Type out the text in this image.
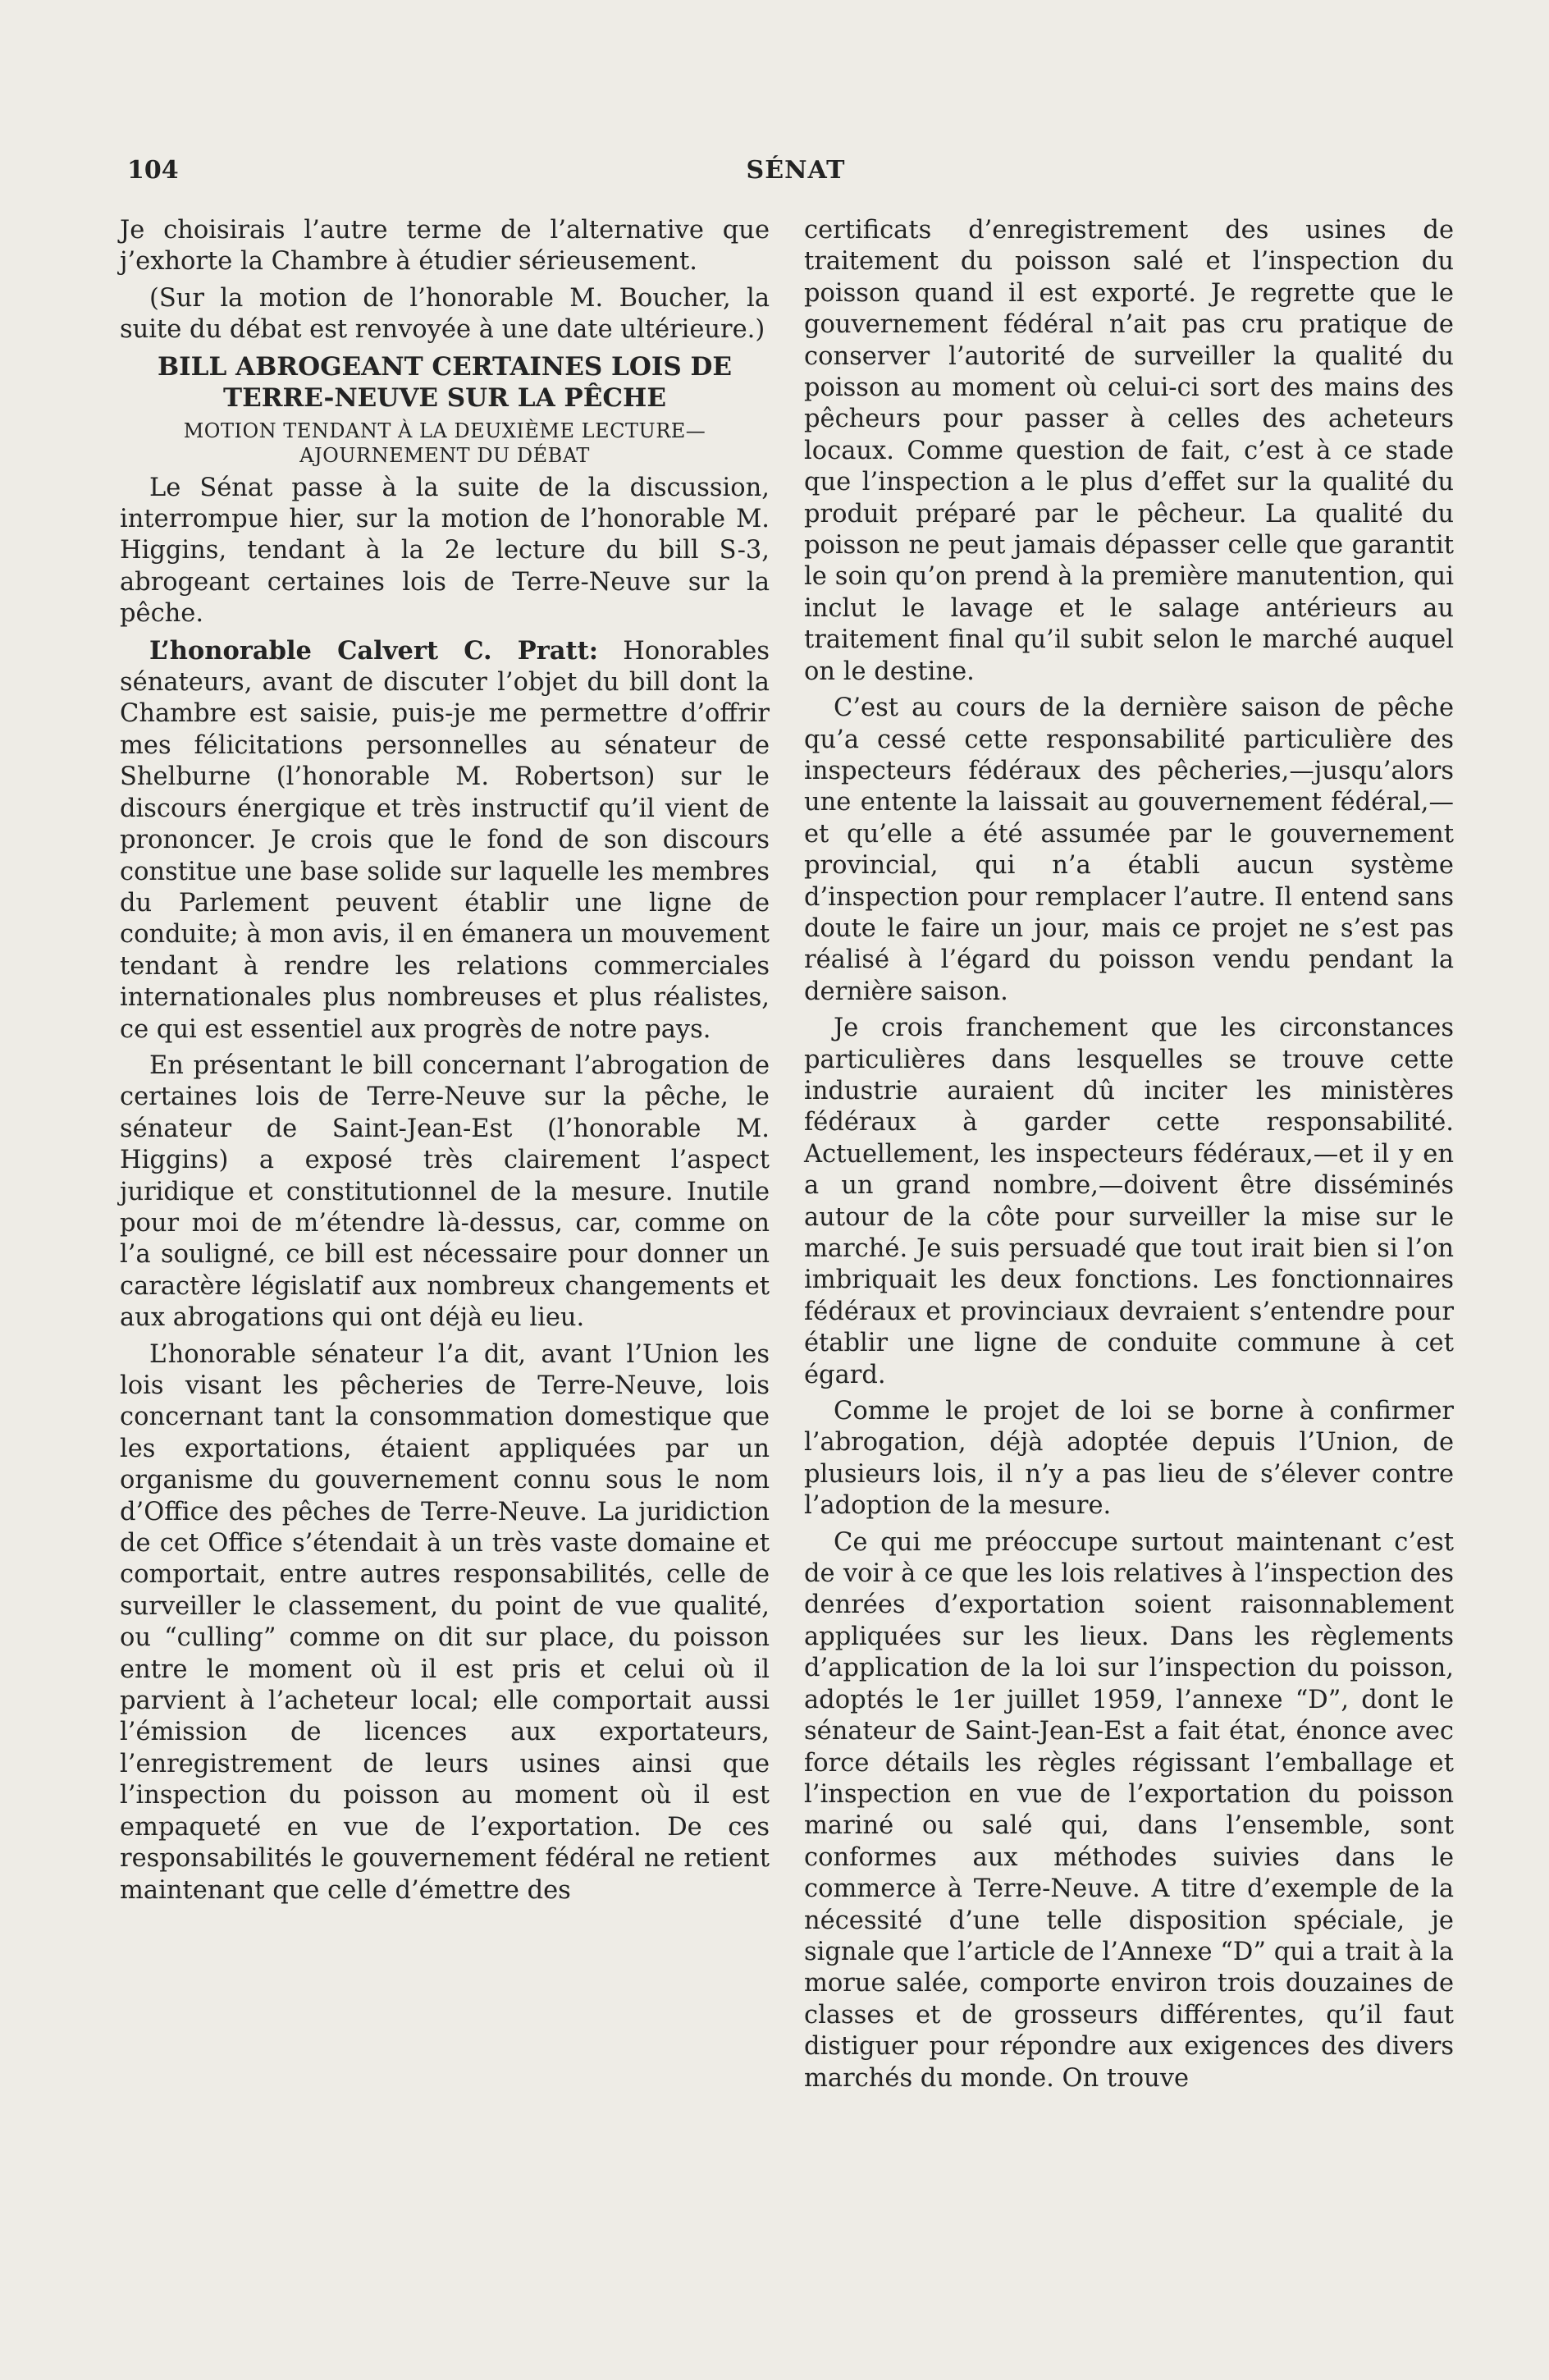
104	SÉNAT

Je choisirais l’autre terme de l’alternative que j’exhorte la Chambre à étudier sérieusement.

(Sur la motion de l’honorable M. Boucher, la suite du débat est renvoyée à une date ultérieure.)

BILL ABROGEANT CERTAINES LOIS DE TERRE-NEUVE SUR LA PÊCHE

MOTION TENDANT À LA DEUXIÈME LECTURE— AJOURNEMENT DU DÉBAT

Le Sénat passe à la suite de la discussion, interrompue hier, sur la motion de l’honorable M. Higgins, tendant à la 2e lecture du bill S-3, abrogeant certaines lois de Terre-Neuve sur la pêche.

L’honorable Calvert C. Pratt: Honorables sénateurs, avant de discuter l’objet du bill dont la Chambre est saisie, puis-je me permettre d’offrir mes félicitations personnelles au sénateur de Shelburne (l’honorable M. Robertson) sur le discours énergique et très instructif qu’il vient de prononcer. Je crois que le fond de son discours constitue une base solide sur laquelle les membres du Parlement peuvent établir une ligne de conduite; à mon avis, il en émanera un mouvement tendant à rendre les relations commerciales internationales plus nombreuses et plus réalistes, ce qui est essentiel aux progrès de notre pays.

En présentant le bill concernant l’abrogation de certaines lois de Terre-Neuve sur la pêche, le sénateur de Saint-Jean-Est (l’honorable M. Higgins) a exposé très clairement l’aspect juridique et constitutionnel de la mesure. Inutile pour moi de m’étendre là-dessus, car, comme on l’a souligné, ce bill est nécessaire pour donner un caractère législatif aux nombreux changements et aux abrogations qui ont déjà eu lieu.

L’honorable sénateur l’a dit, avant l’Union les lois visant les pêcheries de Terre-Neuve, lois concernant tant la consommation domestique que les exportations, étaient appliquées par un organisme du gouvernement connu sous le nom d’Office des pêches de Terre-Neuve. La juridiction de cet Office s’étendait à un très vaste domaine et comportait, entre autres responsabilités, celle de surveiller le classement, du point de vue qualité, ou “culling” comme on dit sur place, du poisson entre le moment où il est pris et celui où il parvient à l’acheteur local; elle comportait aussi l’émission de licences aux exportateurs, l’enregistrement de leurs usines ainsi que l’inspection du poisson au moment où il est empaqueté en vue de l’exportation. De ces responsabilités le gouvernement fédéral ne retient maintenant que celle d’émettre des

certificats d’enregistrement des usines de traitement du poisson salé et l’inspection du poisson quand il est exporté. Je regrette que le gouvernement fédéral n’ait pas cru pratique de conserver l’autorité de surveiller la qualité du poisson au moment où celui-ci sort des mains des pêcheurs pour passer à celles des acheteurs locaux. Comme question de fait, c’est à ce stade que l’inspection a le plus d’effet sur la qualité du produit préparé par le pêcheur. La qualité du poisson ne peut jamais dépasser celle que garantit le soin qu’on prend à la première manutention, qui inclut le lavage et le salage antérieurs au traitement final qu’il subit selon le marché auquel on le destine.

C’est au cours de la dernière saison de pêche qu’a cessé cette responsabilité particulière des inspecteurs fédéraux des pêcheries,—jusqu’alors une entente la laissait au gouvernement fédéral,—et qu’elle a été assumée par le gouvernement provincial, qui n’a établi aucun système d’inspection pour remplacer l’autre. Il entend sans doute le faire un jour, mais ce projet ne s’est pas réalisé à l’égard du poisson vendu pendant la dernière saison.

Je crois franchement que les circonstances particulières dans lesquelles se trouve cette industrie auraient dû inciter les ministères fédéraux à garder cette responsabilité. Actuellement, les inspecteurs fédéraux,—et il y en a un grand nombre,—doivent être disséminés autour de la côte pour surveiller la mise sur le marché. Je suis persuadé que tout irait bien si l’on imbriquait les deux fonctions. Les fonctionnaires fédéraux et provinciaux devraient s’entendre pour établir une ligne de conduite commune à cet égard.

Comme le projet de loi se borne à confirmer l’abrogation, déjà adoptée depuis l’Union, de plusieurs lois, il n’y a pas lieu de s’élever contre l’adoption de la mesure.

Ce qui me préoccupe surtout maintenant c’est de voir à ce que les lois relatives à l’inspection des denrées d’exportation soient raisonnablement appliquées sur les lieux. Dans les règlements d’application de la loi sur l’inspection du poisson, adoptés le 1er juillet 1959, l’annexe “D”, dont le sénateur de Saint-Jean-Est a fait état, énonce avec force détails les règles régissant l’emballage et l’inspection en vue de l’exportation du poisson mariné ou salé qui, dans l’ensemble, sont conformes aux méthodes suivies dans le commerce à Terre-Neuve. A titre d’exemple de la nécessité d’une telle disposition spéciale, je signale que l’article de l’Annexe “D” qui a trait à la morue salée, comporte environ trois douzaines de classes et de grosseurs différentes, qu’il faut distiguer pour répondre aux exigences des divers marchés du monde. On trouve
